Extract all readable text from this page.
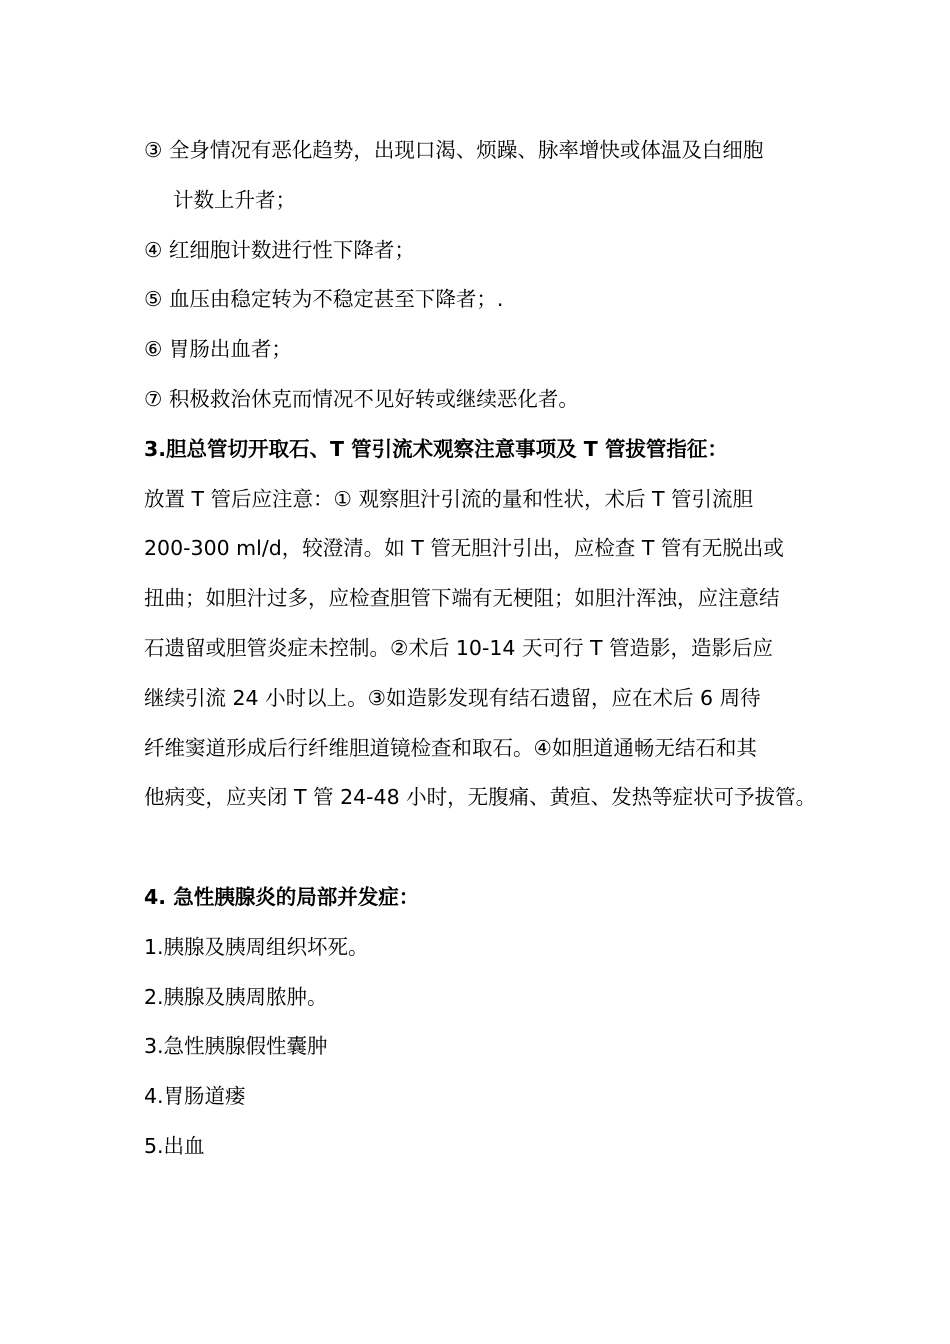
③ 全身情况有恶化趋势，出现口渴、烦躁、脉率增快或体温及白细胞
计数上升者；
④ 红细胞计数进行性下降者；
⑤ 血压由稳定转为不稳定甚至下降者；.
⑥ 胃肠出血者；
⑦ 积极救治休克而情况不见好转或继续恶化者。
3.胆总管切开取石、T 管引流术观察注意事项及 T 管拔管指征：
放置 T 管后应注意：① 观察胆汁引流的量和性状，术后 T 管引流胆
200-300 ml/d，较澄清。如 T 管无胆汁引出，应检查 T 管有无脱出或
扭曲；如胆汁过多，应检查胆管下端有无梗阻；如胆汁浑浊，应注意结
石遗留或胆管炎症未控制。②术后 10-14 天可行 T 管造影，造影后应
继续引流 24 小时以上。③如造影发现有结石遗留，应在术后 6 周待
纤维窦道形成后行纤维胆道镜检查和取石。④如胆道通畅无结石和其
他病变，应夹闭 T 管 24-48 小时，无腹痛、黄疸、发热等症状可予拔管。
4. 急性胰腺炎的局部并发症：
1.胰腺及胰周组织坏死。
2.胰腺及胰周脓肿。
3.急性胰腺假性囊肿
4.胃肠道瘘
5.出血
